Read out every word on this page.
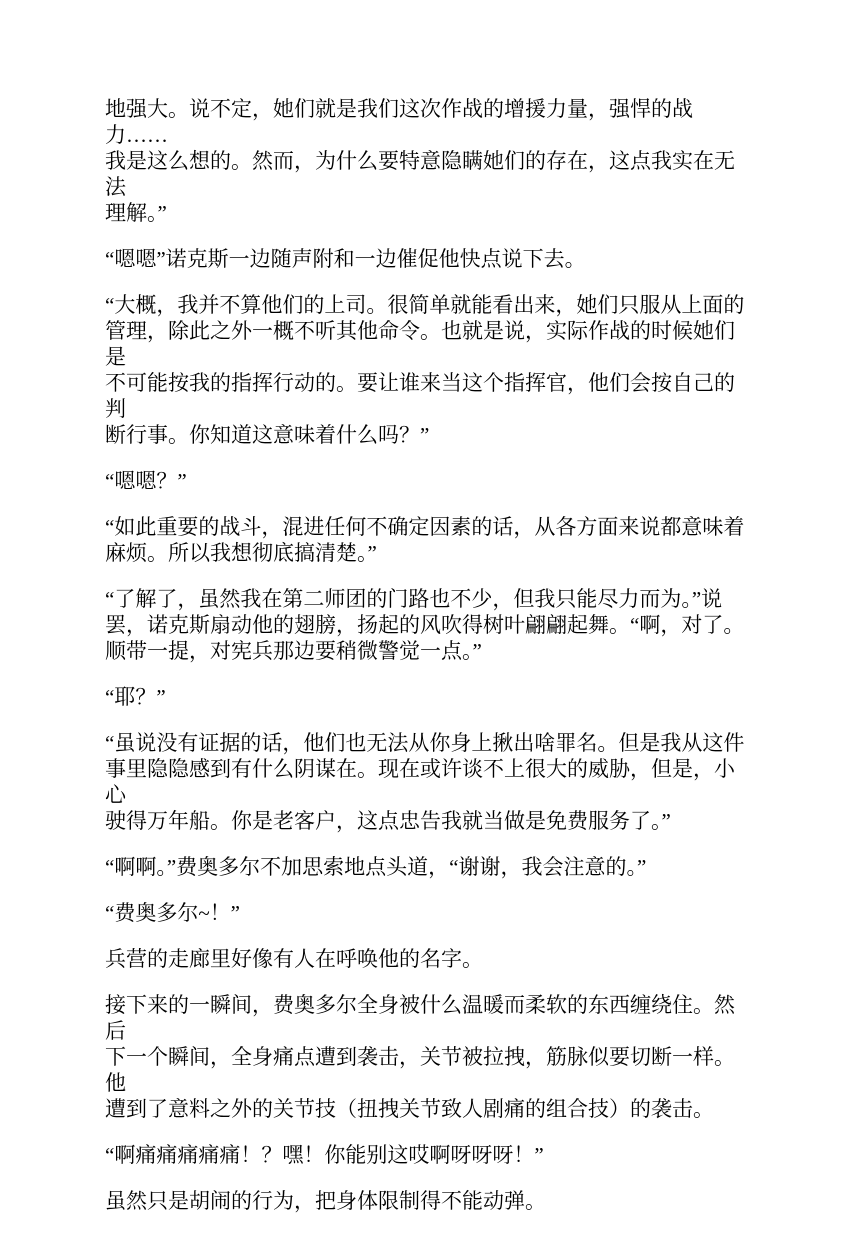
地强大。说不定，她们就是我们这次作战的增援力量，强悍的战力……
我是这么想的。然而，为什么要特意隐瞒她们的存在，这点我实在无法
理解。”

“嗯嗯”诺克斯一边随声附和一边催促他快点说下去。

“大概，我并不算他们的上司。很简单就能看出来，她们只服从上面的
管理，除此之外一概不听其他命令。也就是说，实际作战的时候她们是
不可能按我的指挥行动的。要让谁来当这个指挥官，他们会按自己的判
断行事。你知道这意味着什么吗？”

“嗯嗯？”

“如此重要的战斗，混进任何不确定因素的话，从各方面来说都意味着
麻烦。所以我想彻底搞清楚。”

“了解了，虽然我在第二师团的门路也不少，但我只能尽力而为。”说
罢，诺克斯扇动他的翅膀，扬起的风吹得树叶翩翩起舞。“啊，对了。
顺带一提，对宪兵那边要稍微警觉一点。”

“耶？”

“虽说没有证据的话，他们也无法从你身上揪出啥罪名。但是我从这件
事里隐隐感到有什么阴谋在。现在或许谈不上很大的威胁，但是，小心
驶得万年船。你是老客户，这点忠告我就当做是免费服务了。”

“啊啊。”费奥多尔不加思索地点头道，“谢谢，我会注意的。”

“费奥多尔~！”

兵营的走廊里好像有人在呼唤他的名字。

接下来的一瞬间，费奥多尔全身被什么温暖而柔软的东西缠绕住。然后
下一个瞬间，全身痛点遭到袭击，关节被拉拽，筋脉似要切断一样。他
遭到了意料之外的关节技（扭拽关节致人剧痛的组合技）的袭击。

“啊痛痛痛痛痛！？嘿！你能别这哎啊呀呀呀！”

虽然只是胡闹的行为，把身体限制得不能动弹。
